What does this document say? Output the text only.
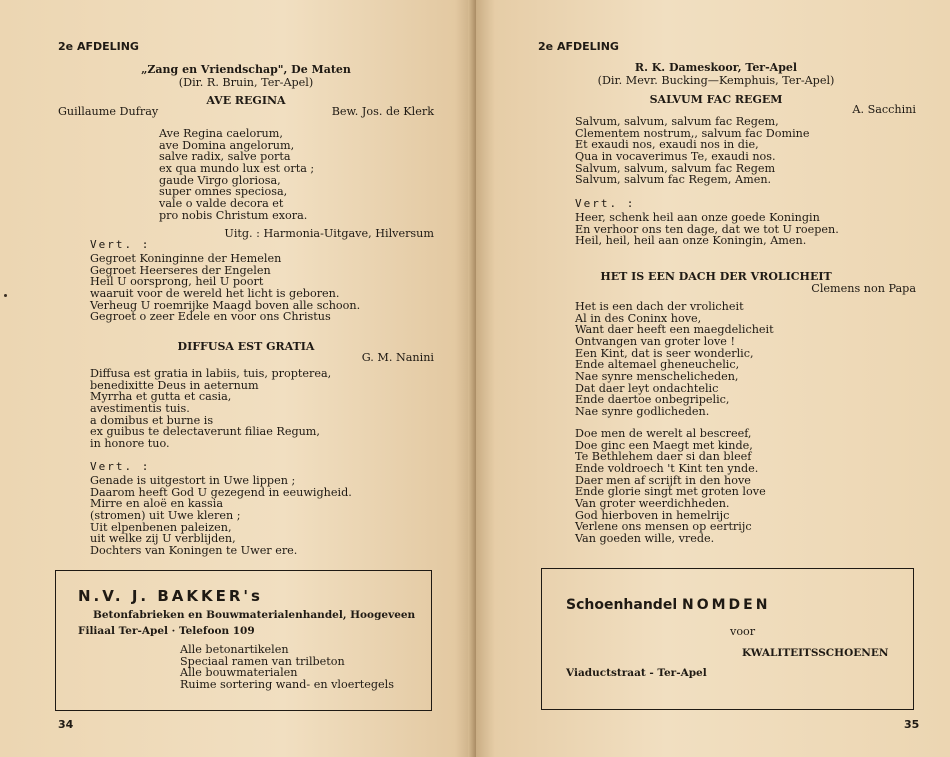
2e AFDELING
„Zang en Vriendschap", De Maten
(Dir. R. Bruin, Ter-Apel)
AVE REGINA
Guillaume Dufray	Bew. Jos. de Klerk
Ave Regina caelorum,
ave Domina angelorum,
salve radix, salve porta
ex qua mundo lux est orta ;
gaude Virgo gloriosa,
super omnes speciosa,
vale o valde decora et
pro nobis Christum exora.
Uitg. : Harmonia-Uitgave, Hilversum
Vert. :
Gegroet Koninginne der Hemelen
Gegroet Heerseres der Engelen
Heil U oorsprong, heil U poort
waaruit voor de wereld het licht is geboren.
Verheug U roemrijke Maagd boven alle schoon.
Gegroet o zeer Edele en voor ons Christus
DIFFUSA EST GRATIA
G. M. Nanini
Diffusa est gratia in labiis, tuis, propterea,
benedixitte Deus in aeternum
Myrrha et gutta et casia,
avestimentis tuis.
a domibus et burne is
ex guibus te delectaverunt filiae Regum,
in honore tuo.
Vert. :
Genade is uitgestort in Uwe lippen ;
Daarom heeft God U gezegend in eeuwigheid.
Mirre en aloë en kassia
(stromen) uit Uwe kleren ;
Uit elpenbenen paleizen,
uit welke zij U verblijden,
Dochters van Koningen te Uwer ere.
N.V. J. BAKKER's
Betonfabrieken en Bouwmaterialenhandel, Hoogeveen
Filiaal Ter-Apel · Telefoon 109
Alle betonartikelen
Speciaal ramen van trilbeton
Alle bouwmaterialen
Ruime sortering wand- en vloertegels
34
2e AFDELING
R. K. Dameskoor, Ter-Apel
(Dir. Mevr. Bucking—Kemphuis, Ter-Apel)
SALVUM FAC REGEM
A. Sacchini
Salvum, salvum, salvum fac Regem,
Clementem nostrum,, salvum fac Domine
Et exaudi nos, exaudi nos in die,
Qua in vocaverimus Te, exaudi nos.
Salvum, salvum, salvum fac Regem
Salvum, salvum fac Regem, Amen.
Vert. :
Heer, schenk heil aan onze goede Koningin
En verhoor ons ten dage, dat we tot U roepen.
Heil, heil, heil aan onze Koningin, Amen.
HET IS EEN DACH DER VROLICHEIT
Clemens non Papa
Het is een dach der vrolicheit
Al in des Coninx hove,
Want daer heeft een maegdelicheit
Ontvangen van groter love !
Een Kint, dat is seer wonderlic,
Ende altemael gheneuchelic,
Nae synre menschelicheden,
Dat daer leyt ondachtelic
Ende daertoe onbegripelic,
Nae synre godlicheden.
Doe men de werelt al bescreef,
Doe ginc een Maegt met kinde,
Te Bethlehem daer si dan bleef
Ende voldroech 't Kint ten ynde.
Daer men af scrijft in den hove
Ende glorie singt met groten love
Van groter weerdichheden.
God hierboven in hemelrijc
Verlene ons mensen op eertrijc
Van goeden wille, vrede.
Schoenhandel NOMDEN
voor
KWALITEITSSCHOENEN
Viaductstraat - Ter-Apel
35
